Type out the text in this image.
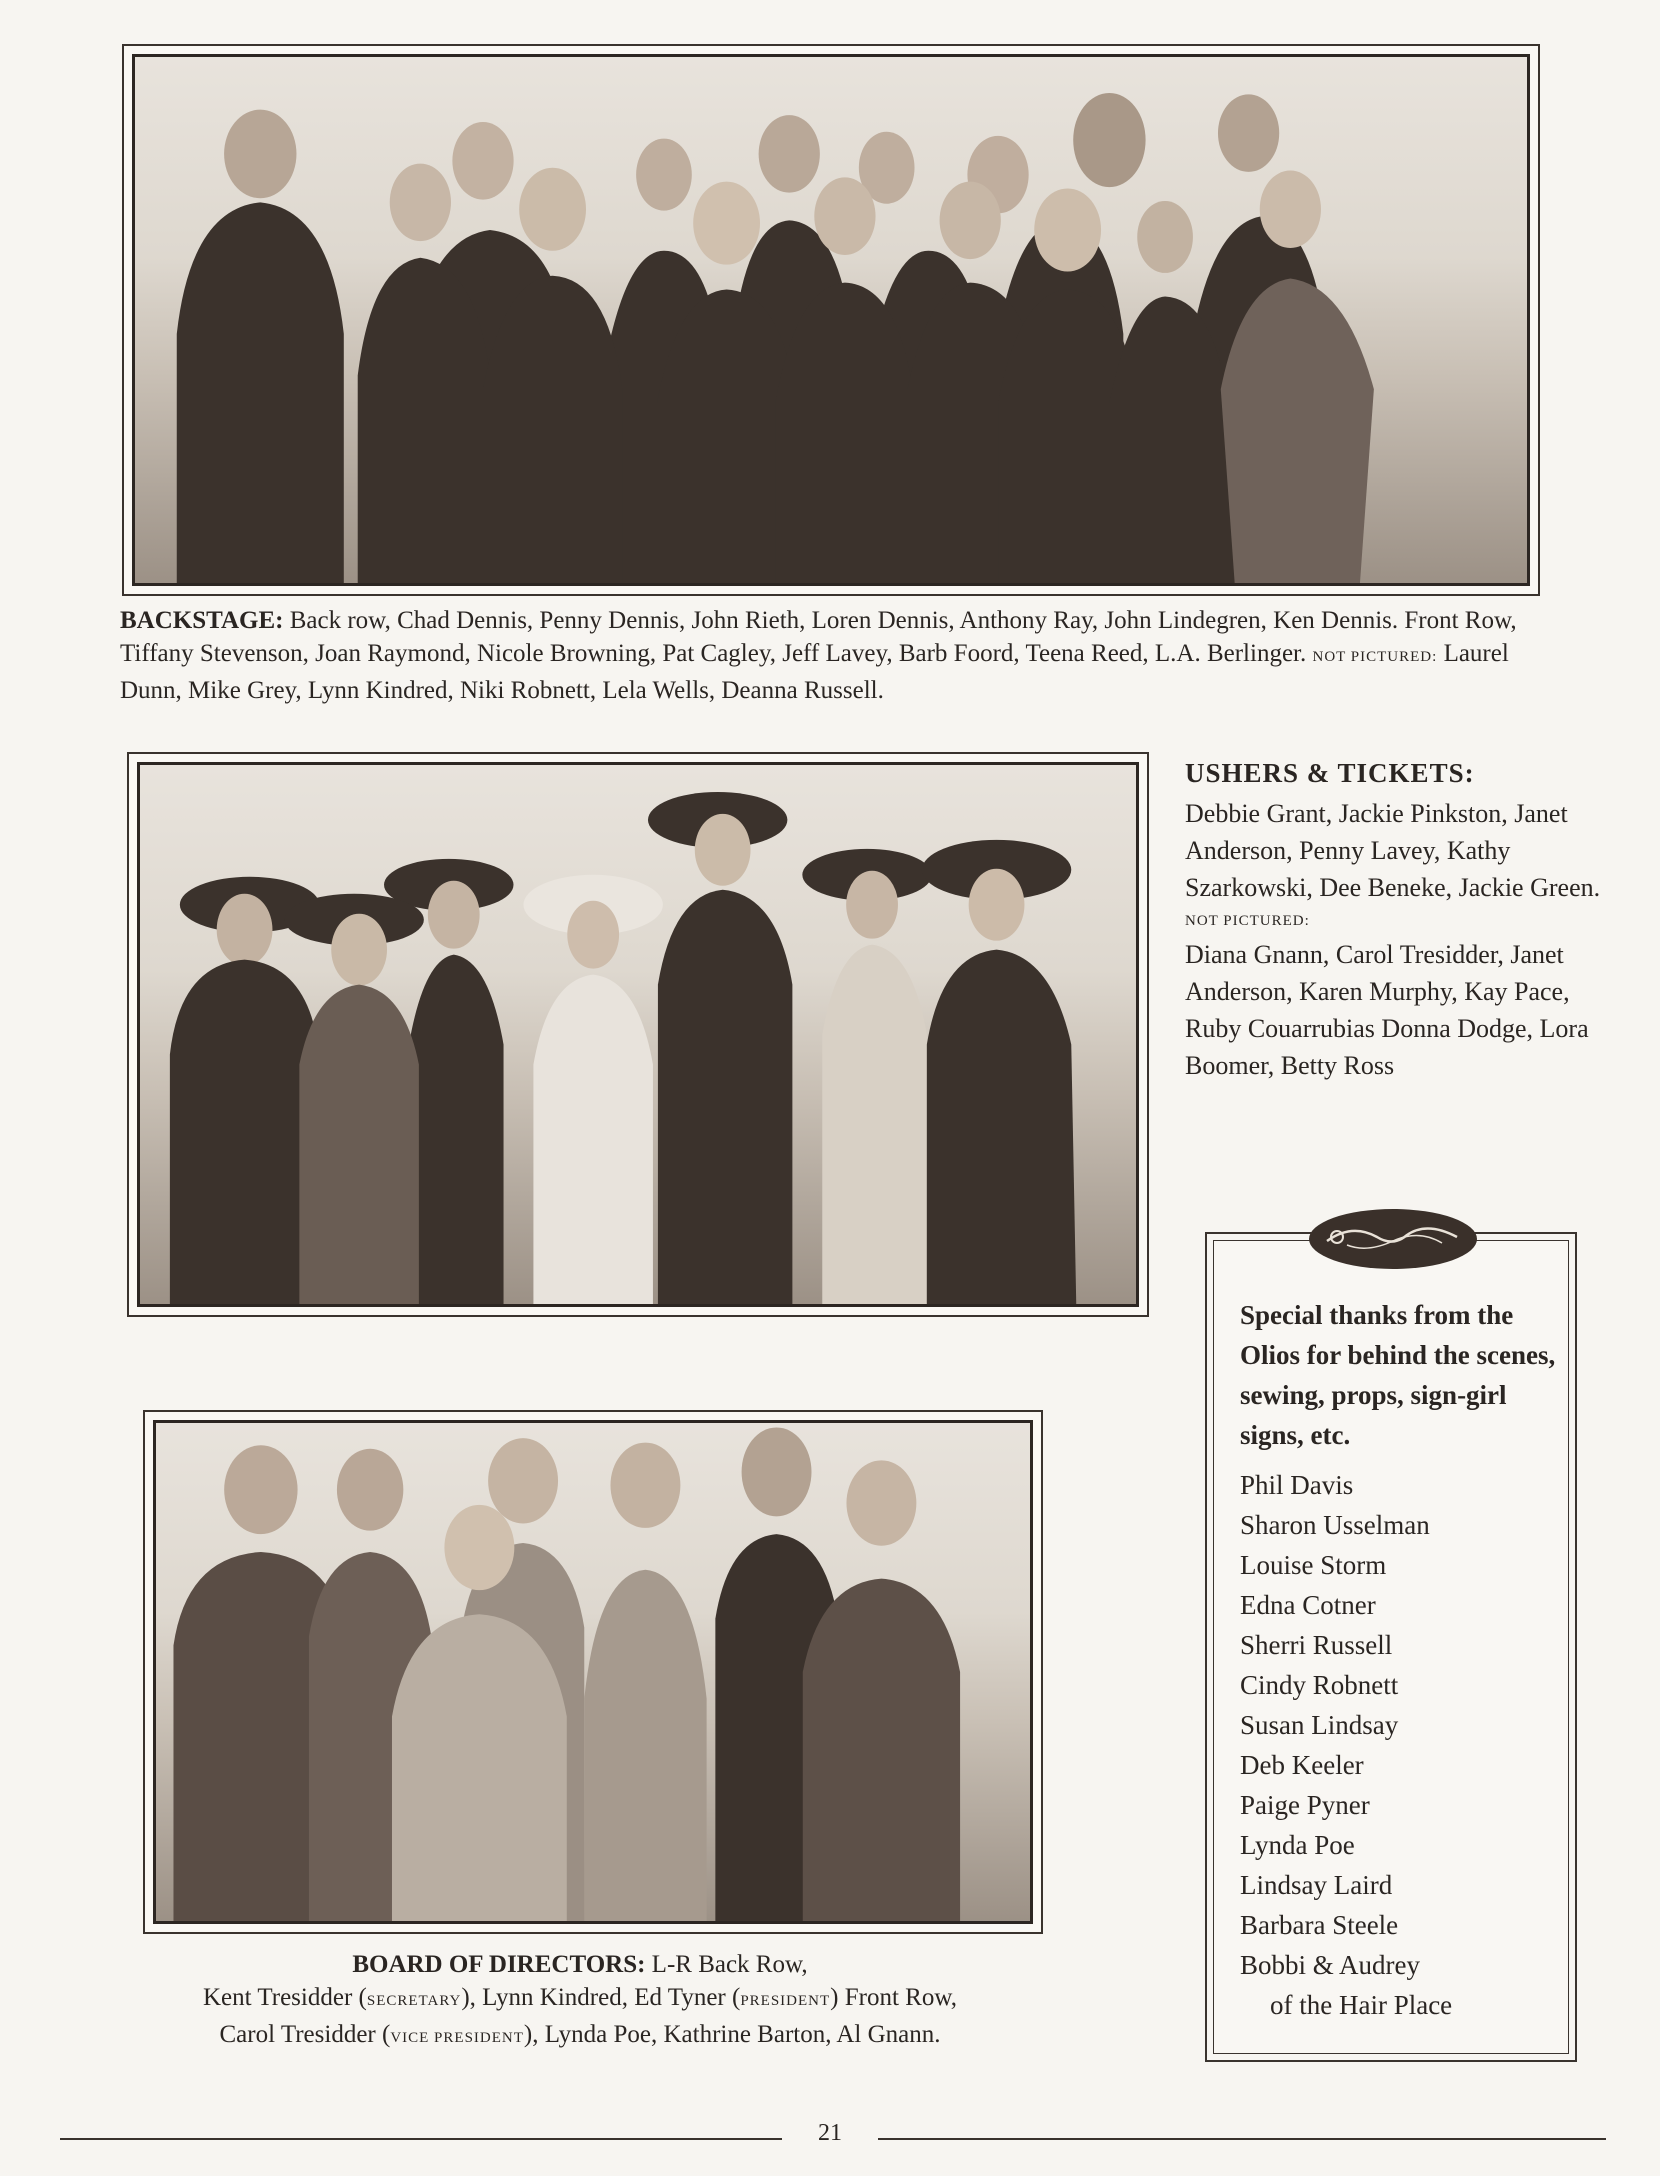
BACKSTAGE: Back row, Chad Dennis, Penny Dennis, John Rieth, Loren Dennis, Anthony Ray, John Lindegren, Ken Dennis. Front Row, Tiffany Stevenson, Joan Raymond, Nicole Browning, Pat Cagley, Jeff Lavey, Barb Foord, Teena Reed, L.A. Berlinger. NOT PICTURED: Laurel Dunn, Mike Grey, Lynn Kindred, Niki Robnett, Lela Wells, Deanna Russell.
USHERS & TICKETS:
Debbie Grant, Jackie Pinkston, Janet Anderson, Penny Lavey, Kathy Szarkowski, Dee Beneke, Jackie Green.
NOT PICTURED:
Diana Gnann, Carol Tresidder, Janet Anderson, Karen Murphy, Kay Pace, Ruby Couarrubias Donna Dodge, Lora Boomer, Betty Ross
BOARD OF DIRECTORS: L-R Back Row,
Kent Tresidder (SECRETARY), Lynn Kindred, Ed Tyner (PRESIDENT) Front Row,
Carol Tresidder (VICE PRESIDENT), Lynda Poe, Kathrine Barton, Al Gnann.
Special thanks from the Olios for behind the scenes, sewing, props, sign-girl signs, etc.
Phil Davis
Sharon Usselman
Louise Storm
Edna Cotner
Sherri Russell
Cindy Robnett
Susan Lindsay
Deb Keeler
Paige Pyner
Lynda Poe
Lindsay Laird
Barbara Steele
Bobbi & Audrey
of the Hair Place
21
